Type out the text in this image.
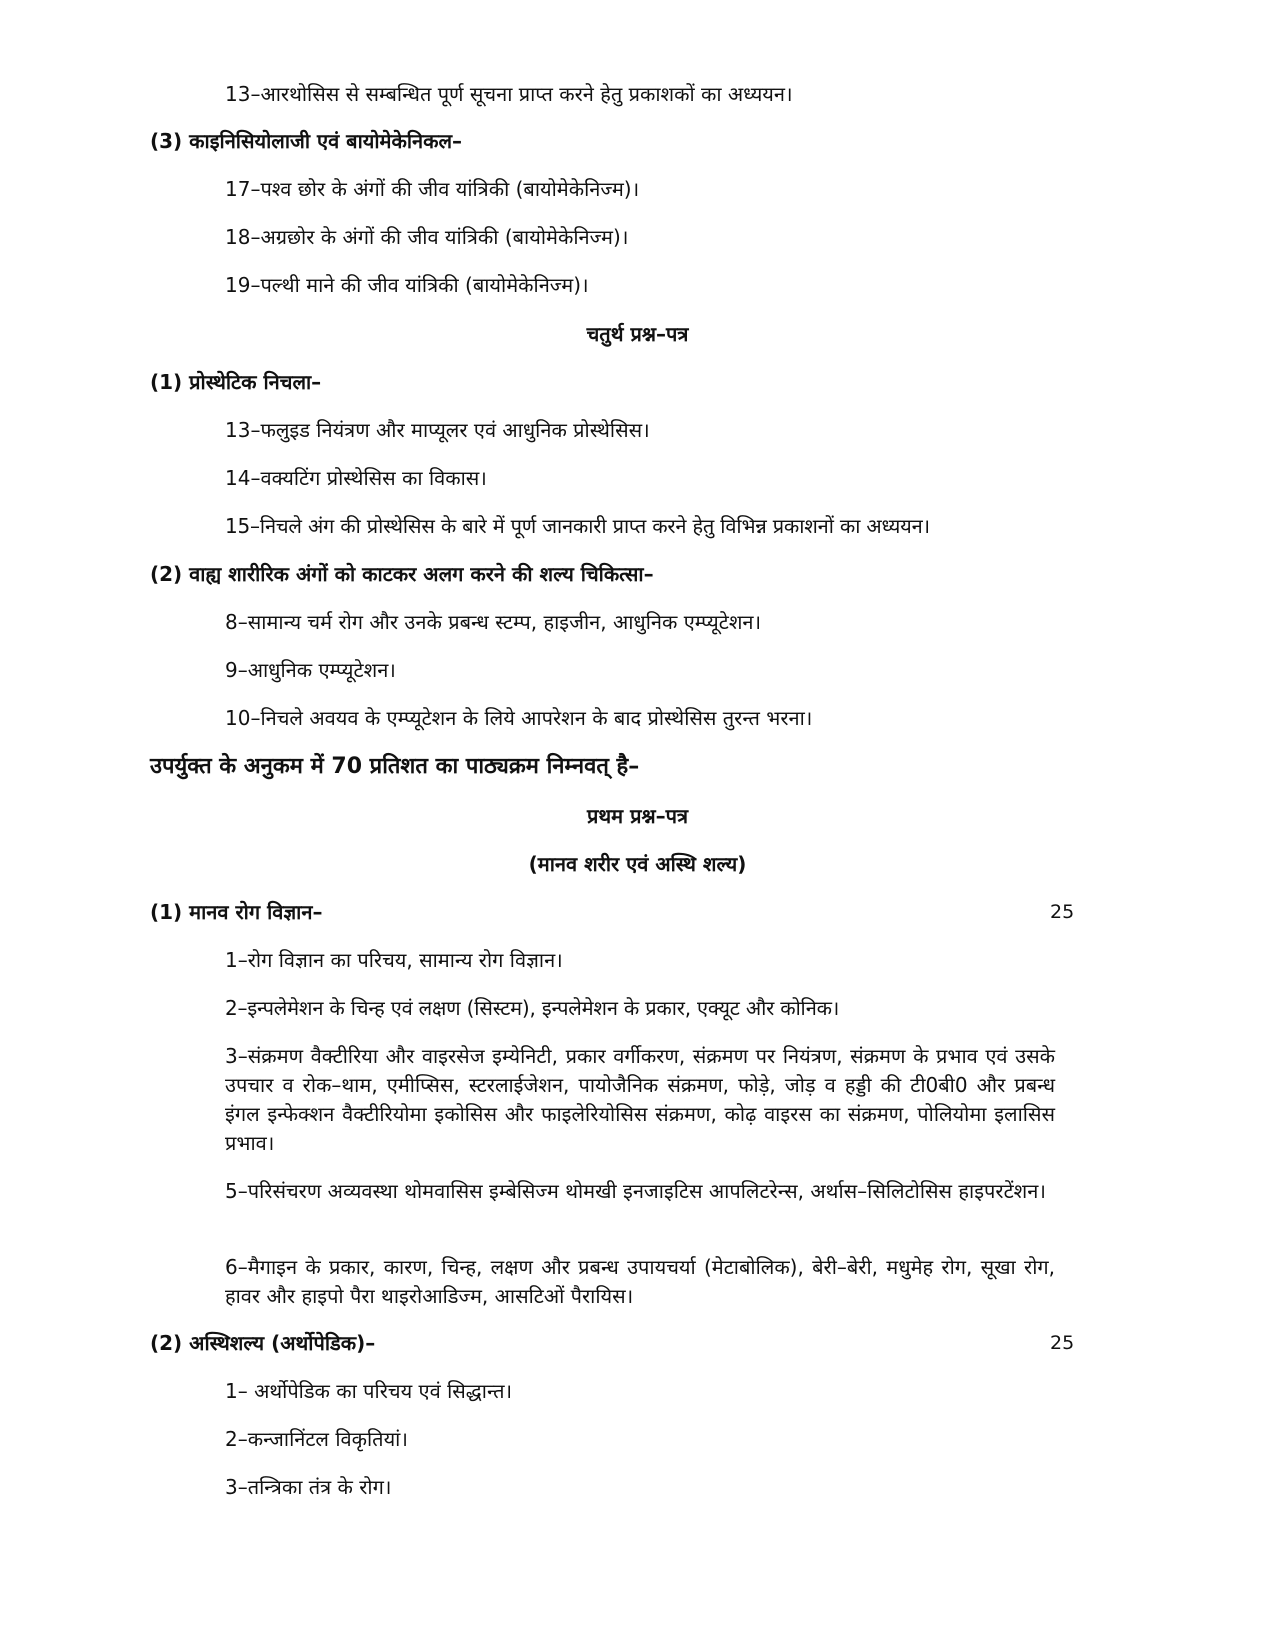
13–आरथोसिस से सम्बन्धित पूर्ण सूचना प्राप्त करने हेतु प्रकाशकों का अध्ययन।
(3) काइनिसियोलाजी एवं बायोमेकेनिकल–
17–पश्व छोर के अंगों की जीव यांत्रिकी (बायोमेकेनिज्म)।
18–अग्रछोर के अंगों की जीव यांत्रिकी (बायोमेकेनिज्म)।
19–पल्थी माने की जीव यांत्रिकी (बायोमेकेनिज्म)।
चतुर्थ प्रश्न–पत्र
(1) प्रोस्थेटिक निचला–
13–फलुइड नियंत्रण और माप्यूलर एवं आधुनिक प्रोस्थेसिस।
14–वक्यटिंग प्रोस्थेसिस का विकास।
15–निचले अंग की प्रोस्थेसिस के बारे में पूर्ण जानकारी प्राप्त करने हेतु विभिन्न प्रकाशनों का अध्ययन।
(2) वाह्य शारीरिक अंगों को काटकर अलग करने की शल्य चिकित्सा–
8–सामान्य चर्म रोग और उनके प्रबन्ध स्टम्प, हाइजीन, आधुनिक एम्प्यूटेशन।
9–आधुनिक एम्प्यूटेशन।
10–निचले अवयव के एम्प्यूटेशन के लिये आपरेशन के बाद प्रोस्थेसिस तुरन्त भरना।
उपर्युक्त के अनुकम में 70 प्रतिशत का पाठ्यक्रम निम्नवत् है–
प्रथम प्रश्न–पत्र
(मानव शरीर एवं अस्थि शल्य)
(1) मानव रोग विज्ञान–	25
1–रोग विज्ञान का परिचय, सामान्य रोग विज्ञान।
2–इन्पलेमेशन के चिन्ह एवं लक्षण (सिस्टम), इन्पलेमेशन के प्रकार, एक्यूट और कोनिक।
3–संक्रमण वैक्टीरिया और वाइरसेज इम्येनिटी, प्रकार वर्गीकरण, संक्रमण पर नियंत्रण, संक्रमण के प्रभाव एवं उसके उपचार व रोक–थाम, एमीप्सिस, स्टरलाईजेशन, पायोजैनिक संक्रमण, फोड़े, जोड़ व हड्डी की टी0बी0 और प्रबन्ध इंगल इन्फेक्शन वैक्टीरियोमा इकोसिस और फाइलेरियोसिस संक्रमण, कोढ़ वाइरस का संक्रमण, पोलियोमा इलासिस प्रभाव।
5–परिसंचरण अव्यवस्था थोमवासिस इम्बेसिज्म थोमखी इनजाइटिस आपलिटरेन्स, अर्थास–सिलिटोसिस हाइपरटेंशन।
6–मैगाइन के प्रकार, कारण, चिन्ह, लक्षण और प्रबन्ध उपायचर्या (मेटाबोलिक), बेरी–बेरी, मधुमेह रोग, सूखा रोग, हावर और हाइपो पैरा थाइरोआडिज्म, आसटिओं पैरायिस।
(2) अस्थिशल्य (अर्थोपेडिक)–	25
1– अर्थोपेडिक का परिचय एवं सिद्धान्त।
2–कन्जानिंटल विकृतियां।
3–तन्त्रिका तंत्र के रोग।
